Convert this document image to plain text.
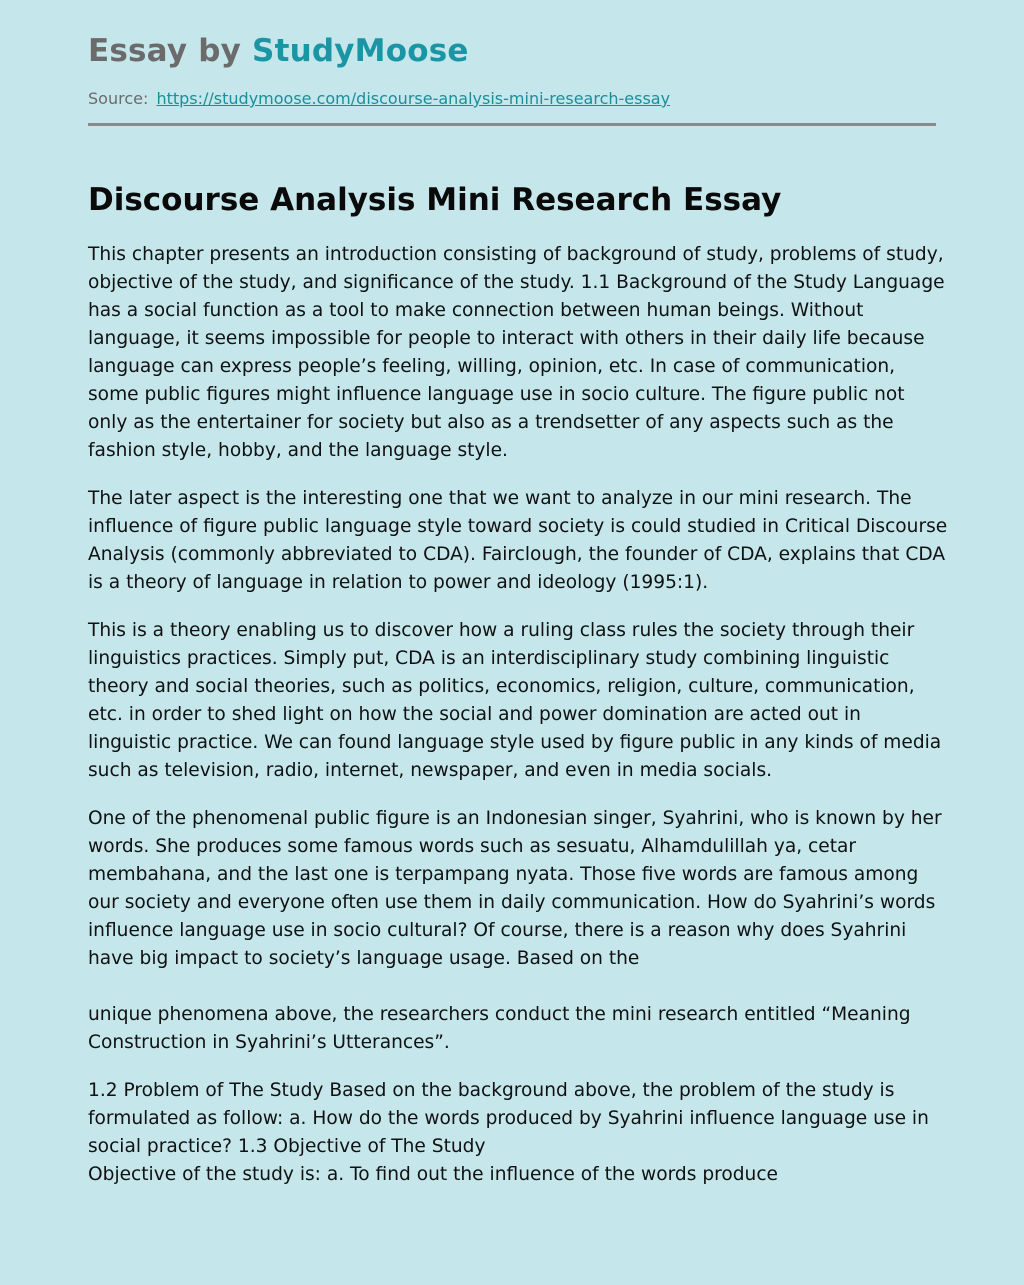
Essay by StudyMoose
Source: https://studymoose.com/discourse-analysis-mini-research-essay
Discourse Analysis Mini Research Essay

This chapter presents an introduction consisting of background of study, problems of study, objective of the study, and significance of the study. 1.1 Background of the Study Language has a social function as a tool to make connection between human beings. Without language, it seems impossible for people to interact with others in their daily life because language can express people’s feeling, willing, opinion, etc. In case of communication, some public figures might influence language use in socio culture. The figure public not only as the entertainer for society but also as a trendsetter of any aspects such as the fashion style, hobby, and the language style.

The later aspect is the interesting one that we want to analyze in our mini research. The influence of figure public language style toward society is could studied in Critical Discourse Analysis (commonly abbreviated to CDA). Fairclough, the founder of CDA, explains that CDA is a theory of language in relation to power and ideology (1995:1).

This is a theory enabling us to discover how a ruling class rules the society through their linguistics practices. Simply put, CDA is an interdisciplinary study combining linguistic theory and social theories, such as politics, economics, religion, culture, communication, etc. in order to shed light on how the social and power domination are acted out in linguistic practice. We can found language style used by figure public in any kinds of media such as television, radio, internet, newspaper, and even in media socials.

One of the phenomenal public figure is an Indonesian singer, Syahrini, who is known by her words. She produces some famous words such as sesuatu, Alhamdulillah ya, cetar membahana, and the last one is terpampang nyata. Those five words are famous among our society and everyone often use them in daily communication. How do Syahrini’s words influence language use in socio cultural? Of course, there is a reason why does Syahrini have big impact to society’s language usage. Based on the

unique phenomena above, the researchers conduct the mini research entitled “Meaning Construction in Syahrini’s Utterances”.

1.2 Problem of The Study Based on the background above, the problem of the study is formulated as follow: a. How do the words produced by Syahrini influence language use in social practice? 1.3 Objective of The Study

Objective of the study is: a. To find out the influence of the words produce
